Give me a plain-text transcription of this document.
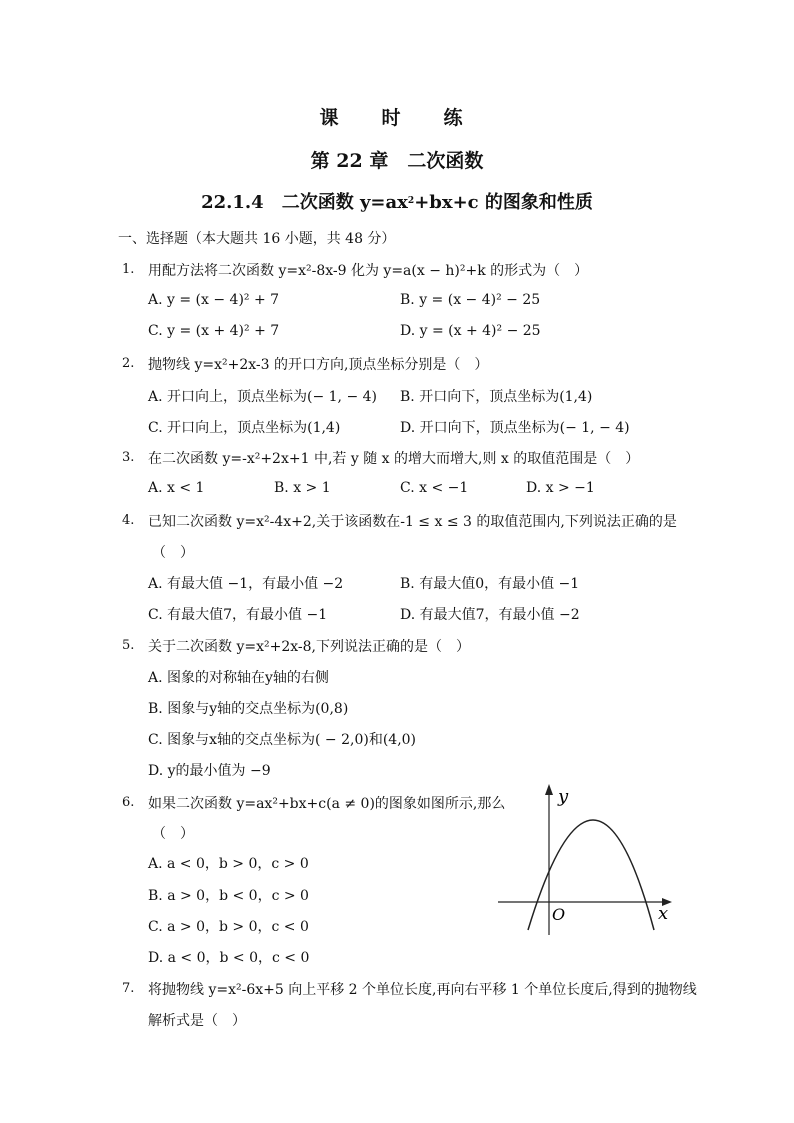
课　时　练
第 22 章　二次函数
22.1.4　二次函数 $y=ax^2+bx+c$ 的图象和性质
一、选择题（本大题共 16 小题，共 48 分）
1. 用配方法将二次函数 y=x²-8x-9 化为 y=a(x − h)²+k 的形式为（　）
A. y = (x − 4)² + 7	B. y = (x − 4)² − 25
C. y = (x + 4)² + 7	D. y = (x + 4)² − 25
2. 抛物线 y=x²+2x-3 的开口方向,顶点坐标分别是（　）
A. 开口向上，顶点坐标为(− 1, − 4) B. 开口向下，顶点坐标为(1,4)
C. 开口向上，顶点坐标为(1,4)	D. 开口向下，顶点坐标为(− 1, − 4)
3. 在二次函数 y=-x²+2x+1 中,若 y 随 x 的增大而增大,则 x 的取值范围是（　）
A. x < 1	B. x > 1	C. x < −1	D. x > −1
4. 已知二次函数 y=x²-4x+2,关于该函数在-1 ≤ x ≤ 3 的取值范围内,下列说法正确的是
（　）
A. 有最大值 −1，有最小值 −2	B. 有最大值0，有最小值 −1
C. 有最大值7，有最小值 −1	D. 有最大值7，有最小值 −2
5. 关于二次函数 y=x²+2x-8,下列说法正确的是（　）
A. 图象的对称轴在y轴的右侧
B. 图象与y轴的交点坐标为(0,8)
C. 图象与x轴的交点坐标为( − 2,0)和(4,0)
D. y的最小值为 −9
6. 如果二次函数 y=ax²+bx+c(a ≠ 0)的图象如图所示,那么
（　）
A. a < 0，b > 0，c > 0
B. a > 0，b < 0，c > 0
C. a > 0，b > 0，c < 0
D. a < 0，b < 0，c < 0
y
x
O
7. 将抛物线 y=x²-6x+5 向上平移 2 个单位长度,再向右平移 1 个单位长度后,得到的抛物线
解析式是（　）
